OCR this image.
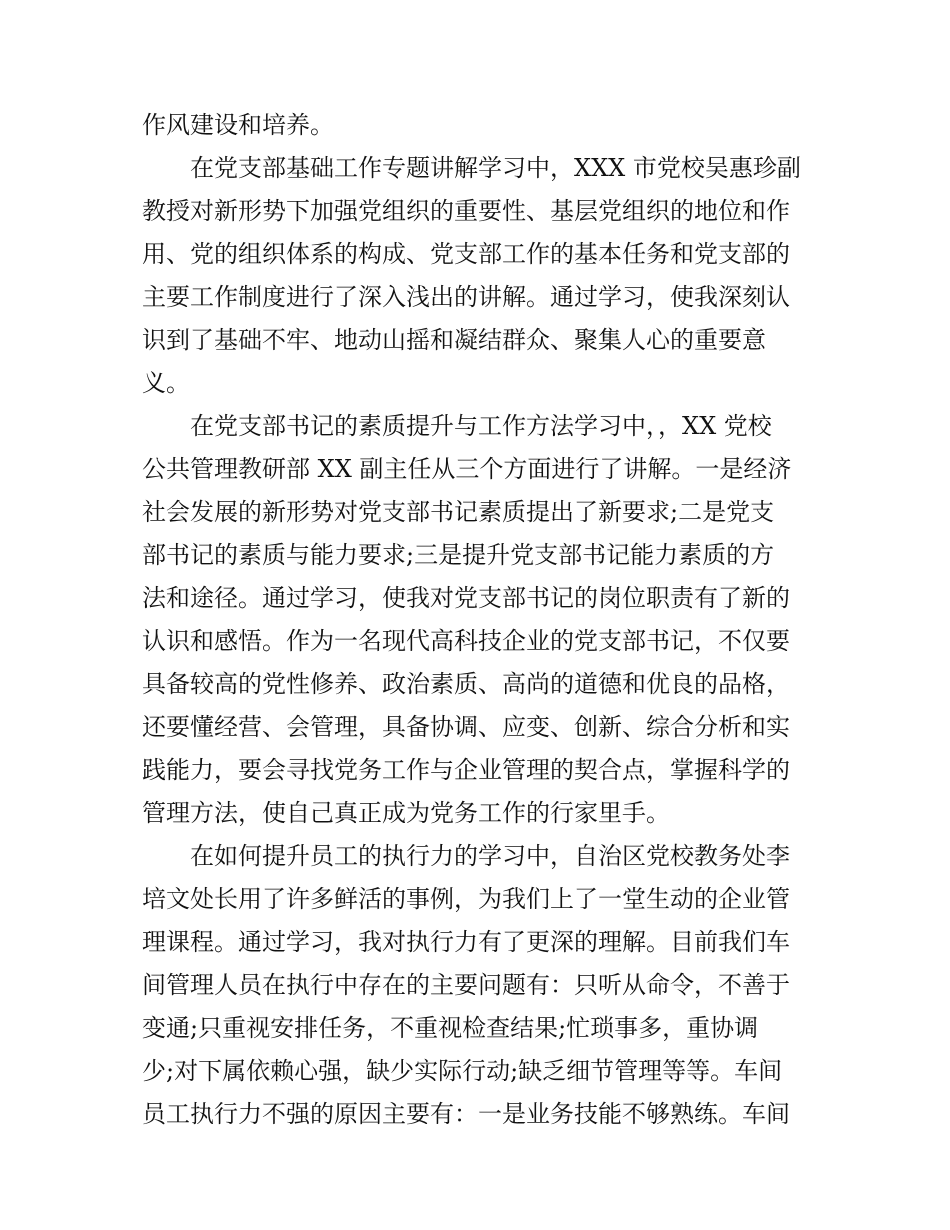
作风建设和培养。
在党支部基础工作专题讲解学习中，XXX 市党校吴惠珍副
教授对新形势下加强党组织的重要性、基层党组织的地位和作
用、党的组织体系的构成、党支部工作的基本任务和党支部的
主要工作制度进行了深入浅出的讲解。通过学习，使我深刻认
识到了基础不牢、地动山摇和凝结群众、聚集人心的重要意
义。
在党支部书记的素质提升与工作方法学习中，，XX 党校
公共管理教研部 XX 副主任从三个方面进行了讲解。一是经济
社会发展的新形势对党支部书记素质提出了新要求;二是党支
部书记的素质与能力要求;三是提升党支部书记能力素质的方
法和途径。通过学习，使我对党支部书记的岗位职责有了新的
认识和感悟。作为一名现代高科技企业的党支部书记，不仅要
具备较高的党性修养、政治素质、高尚的道德和优良的品格，
还要懂经营、会管理，具备协调、应变、创新、综合分析和实
践能力，要会寻找党务工作与企业管理的契合点，掌握科学的
管理方法，使自己真正成为党务工作的行家里手。
在如何提升员工的执行力的学习中，自治区党校教务处李
培文处长用了许多鲜活的事例，为我们上了一堂生动的企业管
理课程。通过学习，我对执行力有了更深的理解。目前我们车
间管理人员在执行中存在的主要问题有：只听从命令，不善于
变通;只重视安排任务，不重视检查结果;忙琐事多，重协调
少;对下属依赖心强，缺少实际行动;缺乏细节管理等等。车间
员工执行力不强的原因主要有：一是业务技能不够熟练。车间
